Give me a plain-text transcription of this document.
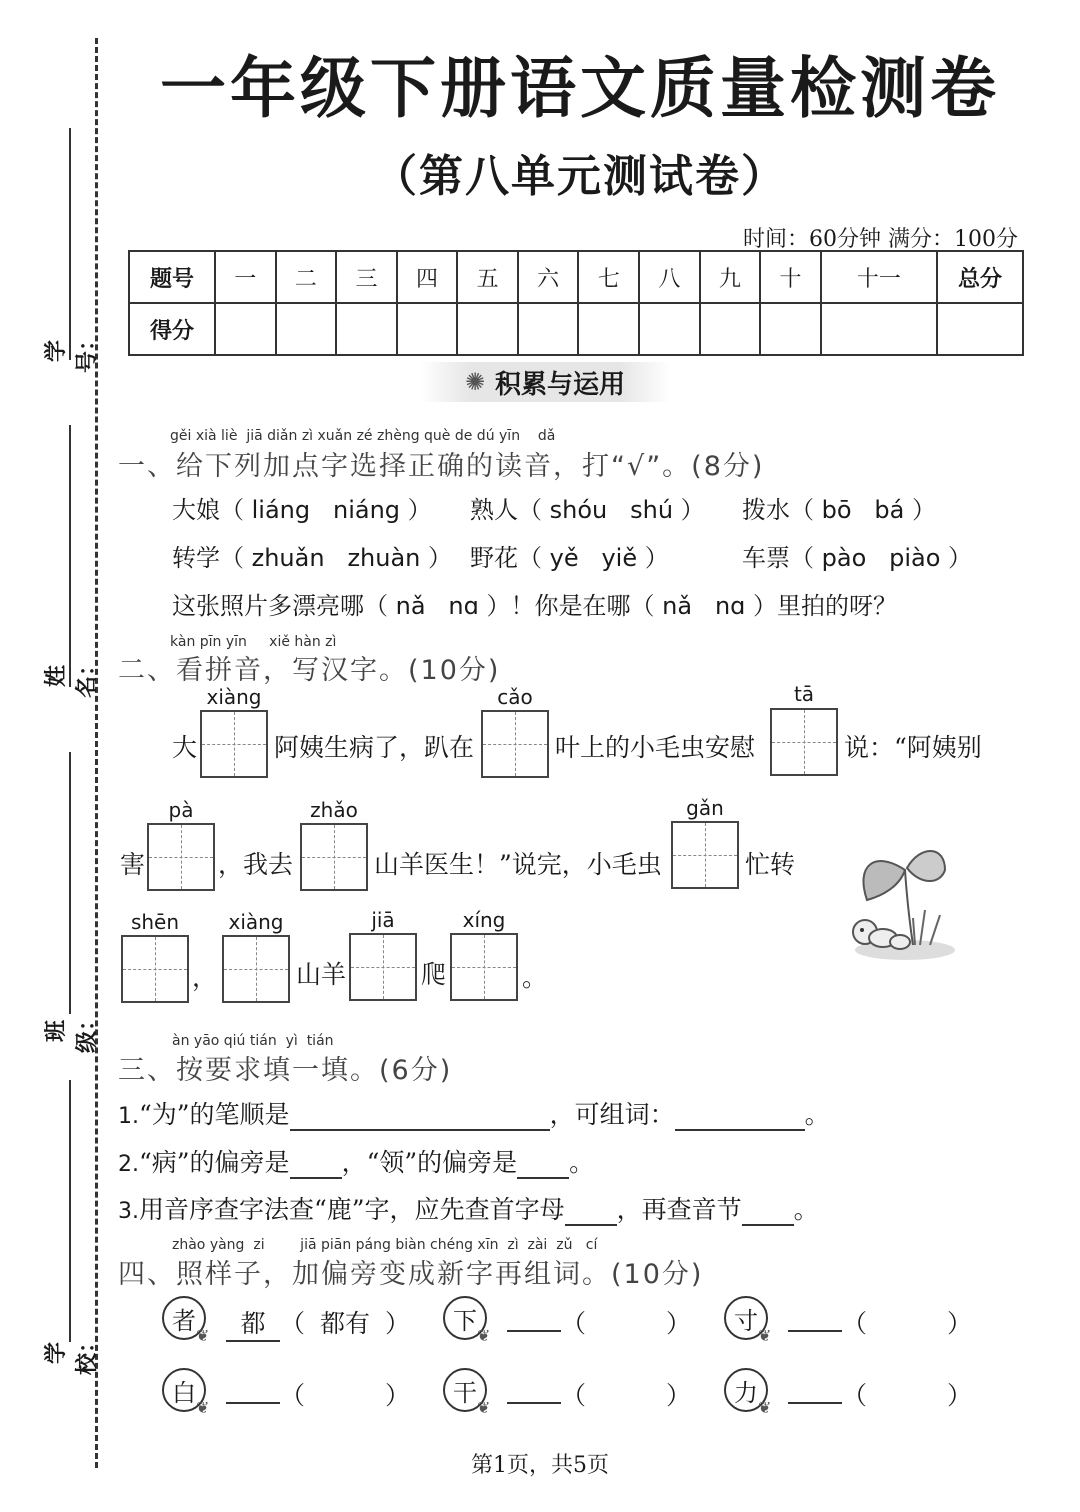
学号：
姓名：
班级：
学校：
一年级下册语文质量检测卷
（第八单元测试卷）
时间：60分钟 满分：100分
题号	一	二	三	四	五	六	七	八	九	十	十一	总分
得分												
✺ 积累与运用
gěi xià liè  jiā diǎn zì xuǎn zé zhèng què de dú yīn    dǎ
一、给下列加点字选择正确的读音，打“√”。(8分)
大娘（ liáng   niáng ） 熟人（ shóu   shú ） 拨水（ bō   bá ）
转学（ zhuǎn   zhuàn ） 野花（ yě   yiě ）	车票（ pào   piào ）
这张照片多漂亮哪（ nǎ   nɑ ）！你是在哪（ nǎ   nɑ ）里拍的呀？
kàn pīn yīn     xiě hàn zì
二、看拼音，写汉字。(10分)
大
xiàng
阿姨生病了，趴在
cǎo
叶上的小毛虫安慰
tā
说：“阿姨别
害
pà
，我去
zhǎo
山羊医生！”说完，小毛虫
gǎn
忙转
shēn
，
xiàng
山羊
jiā
爬
xíng
。
àn yāo qiú tián  yì  tián
三、按要求填一填。(6分)
1.“为”的笔顺是	，可组词：	。
2.“病”的偏旁是 ，“领”的偏旁是 。
3.用音序查字法查“鹿”字，应先查首字母 ，再查音节 。
zhào yàng  zi        jiā piān páng biàn chéng xīn  zì  zài  zǔ   cí
四、照样子，加偏旁变成新字再组词。(10分)
者
❦	都 （ 都有 ）	下
❦	（	）	寸
❦	（	）
白
❦	（	）	干
❦	（	）	力
❦	（	）
第1页，共5页
